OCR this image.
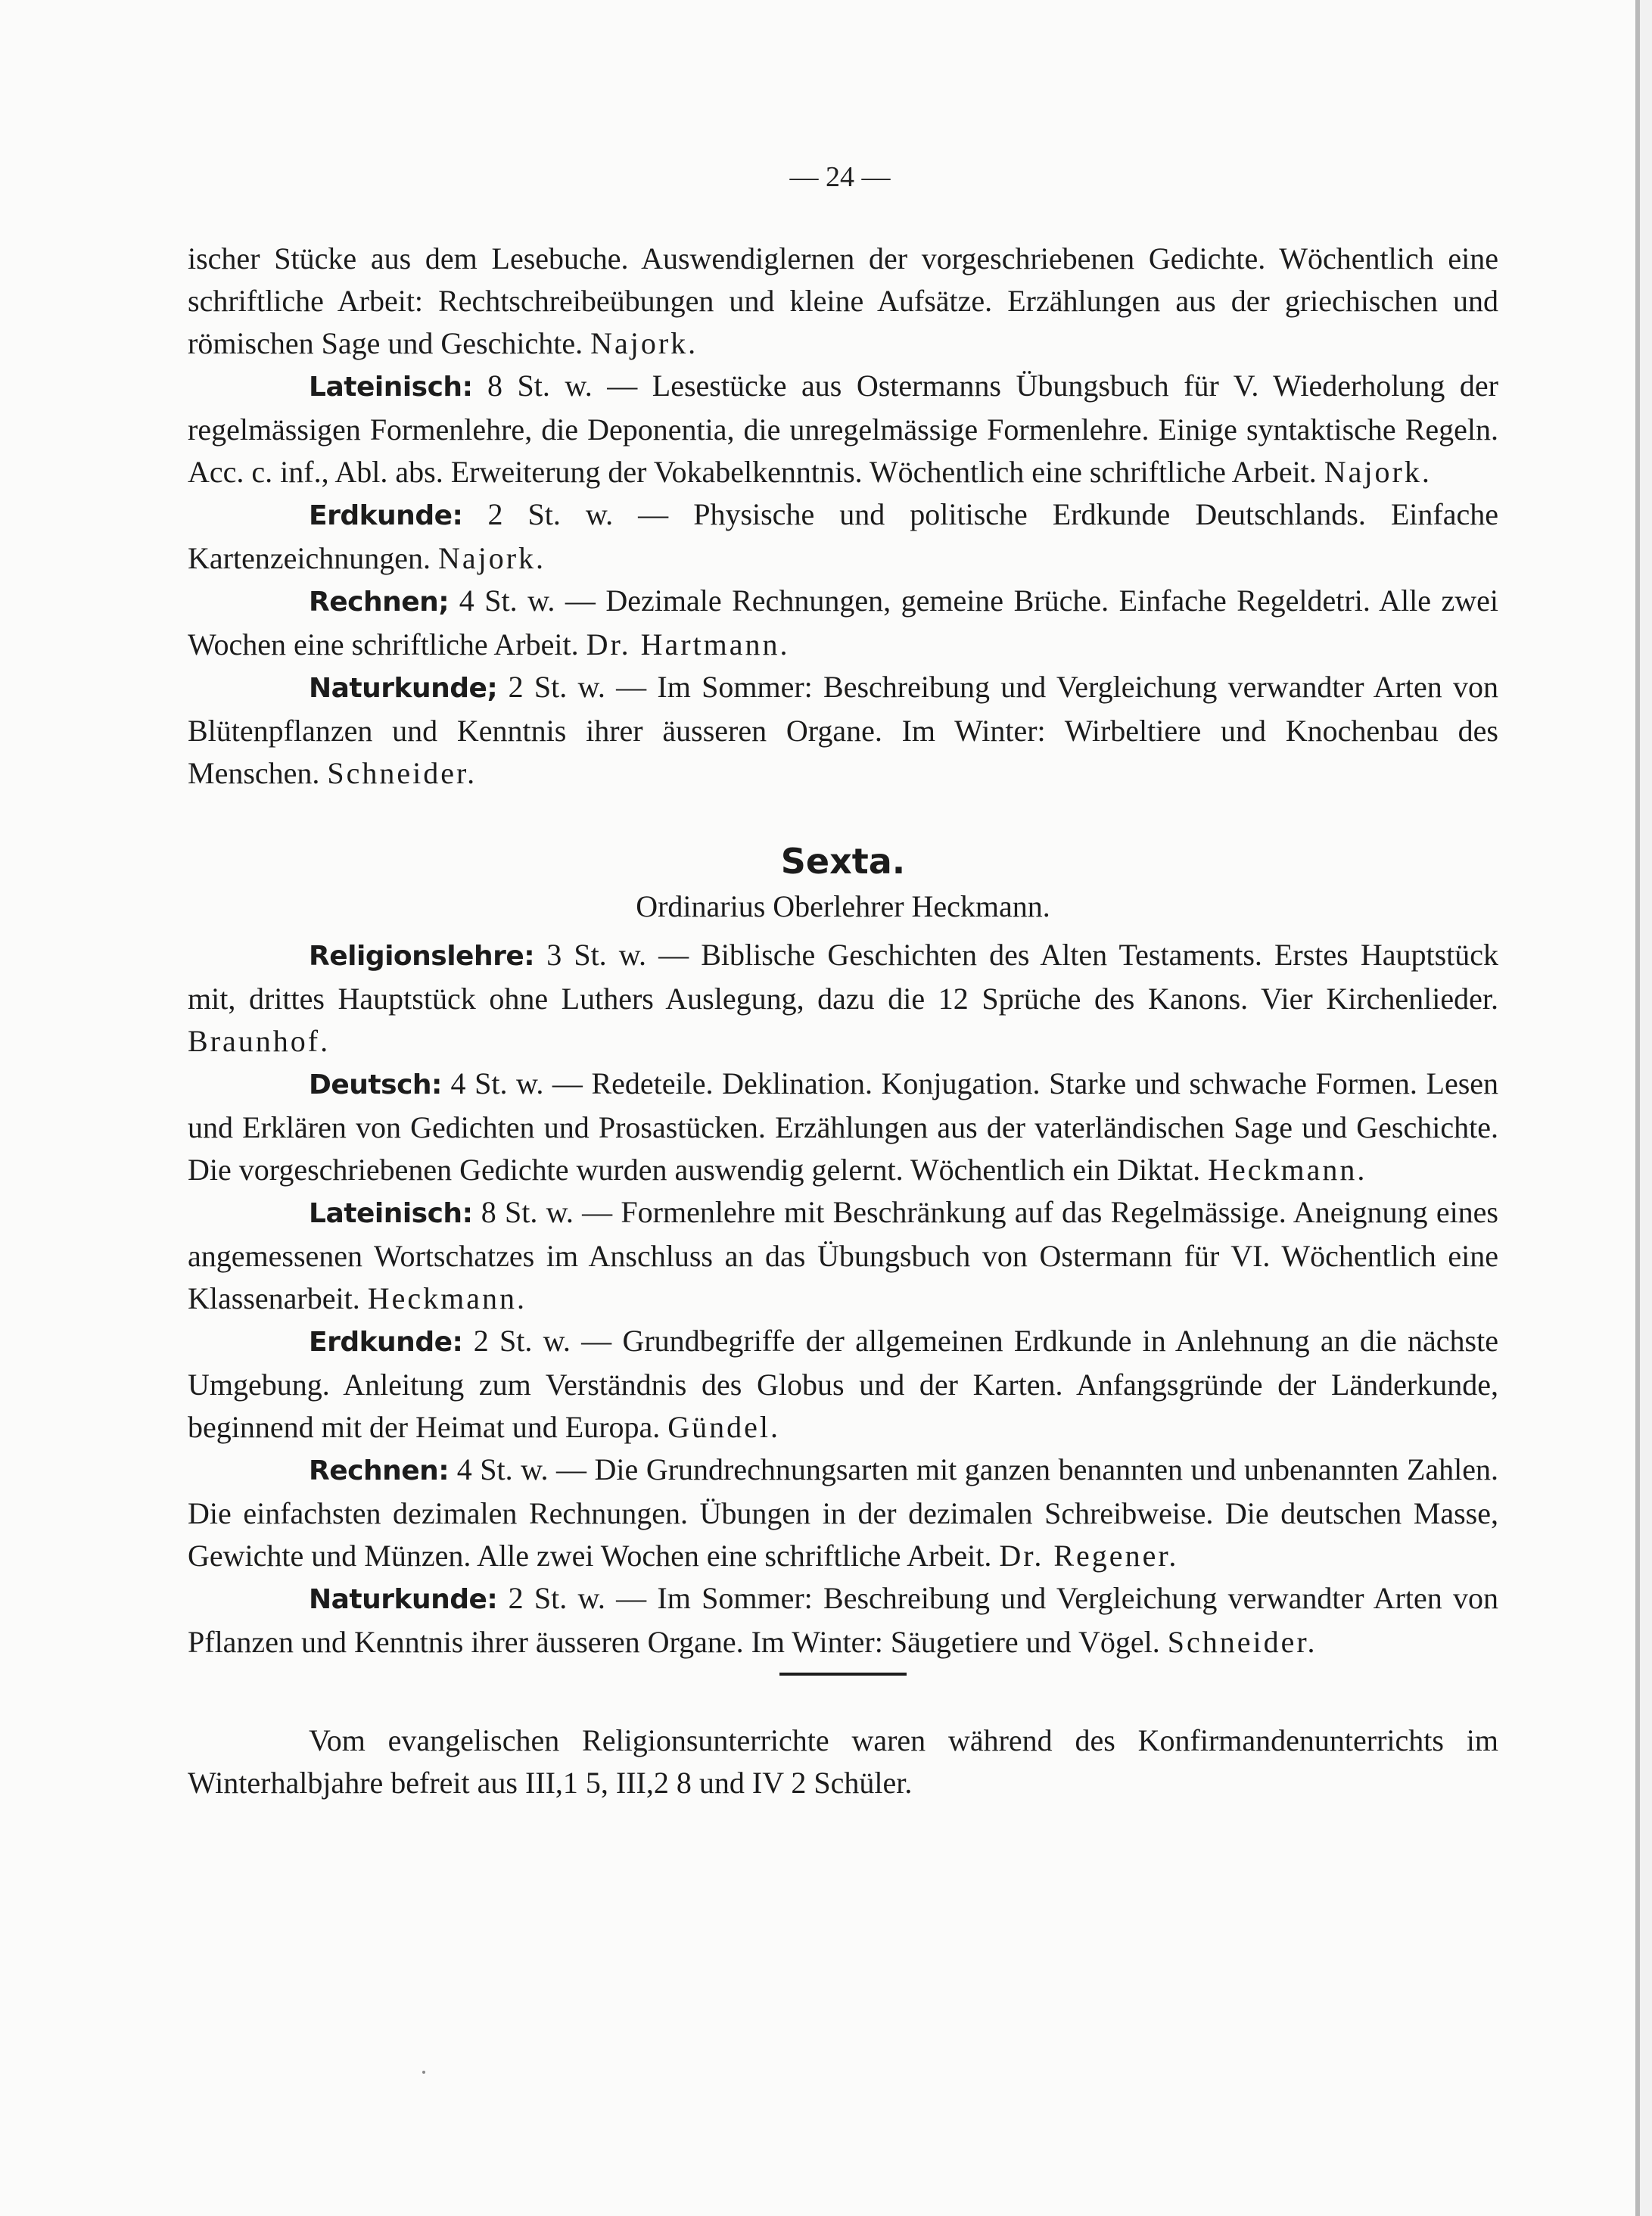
— 24 —

ischer Stücke aus dem Lesebuche. Auswendiglernen der vorgeschriebenen Gedichte. Wöchentlich eine schriftliche Arbeit: Rechtschreibeübungen und kleine Aufsätze. Erzählungen aus der griechischen und römischen Sage und Geschichte. Najork.

Lateinisch: 8 St. w. — Lesestücke aus Ostermanns Übungsbuch für V. Wiederholung der regelmässigen Formenlehre, die Deponentia, die unregelmässige Formenlehre. Einige syntaktische Regeln. Acc. c. inf., Abl. abs. Erweiterung der Vokabelkenntnis. Wöchentlich eine schriftliche Arbeit. Najork.

Erdkunde: 2 St. w. — Physische und politische Erdkunde Deutschlands. Einfache Kartenzeichnungen. Najork.

Rechnen; 4 St. w. — Dezimale Rechnungen, gemeine Brüche. Einfache Regeldetri. Alle zwei Wochen eine schriftliche Arbeit. Dr. Hartmann.

Naturkunde; 2 St. w. — Im Sommer: Beschreibung und Vergleichung verwandter Arten von Blütenpflanzen und Kenntnis ihrer äusseren Organe. Im Winter: Wirbeltiere und Knochenbau des Menschen. Schneider.

Sexta.
Ordinarius Oberlehrer Heckmann.

Religionslehre: 3 St. w. — Biblische Geschichten des Alten Testaments. Erstes Hauptstück mit, drittes Hauptstück ohne Luthers Auslegung, dazu die 12 Sprüche des Kanons. Vier Kirchenlieder. Braunhof.

Deutsch: 4 St. w. — Redeteile. Deklination. Konjugation. Starke und schwache Formen. Lesen und Erklären von Gedichten und Prosastücken. Erzählungen aus der vaterländischen Sage und Geschichte. Die vorgeschriebenen Gedichte wurden auswendig gelernt. Wöchentlich ein Diktat. Heckmann.

Lateinisch: 8 St. w. — Formenlehre mit Beschränkung auf das Regelmässige. Aneignung eines angemessenen Wortschatzes im Anschluss an das Übungsbuch von Ostermann für VI. Wöchentlich eine Klassenarbeit. Heckmann.

Erdkunde: 2 St. w. — Grundbegriffe der allgemeinen Erdkunde in Anlehnung an die nächste Umgebung. Anleitung zum Verständnis des Globus und der Karten. Anfangsgründe der Länderkunde, beginnend mit der Heimat und Europa. Gündel.

Rechnen: 4 St. w. — Die Grundrechnungsarten mit ganzen benannten und unbenannten Zahlen. Die einfachsten dezimalen Rechnungen. Übungen in der dezimalen Schreibweise. Die deutschen Masse, Gewichte und Münzen. Alle zwei Wochen eine schriftliche Arbeit. Dr. Regener.

Naturkunde: 2 St. w. — Im Sommer: Beschreibung und Vergleichung verwandter Arten von Pflanzen und Kenntnis ihrer äusseren Organe. Im Winter: Säugetiere und Vögel. Schneider.

Vom evangelischen Religionsunterrichte waren während des Konfirmandenunterrichts im Winterhalbjahre befreit aus III,1 5, III,2 8 und IV 2 Schüler.
